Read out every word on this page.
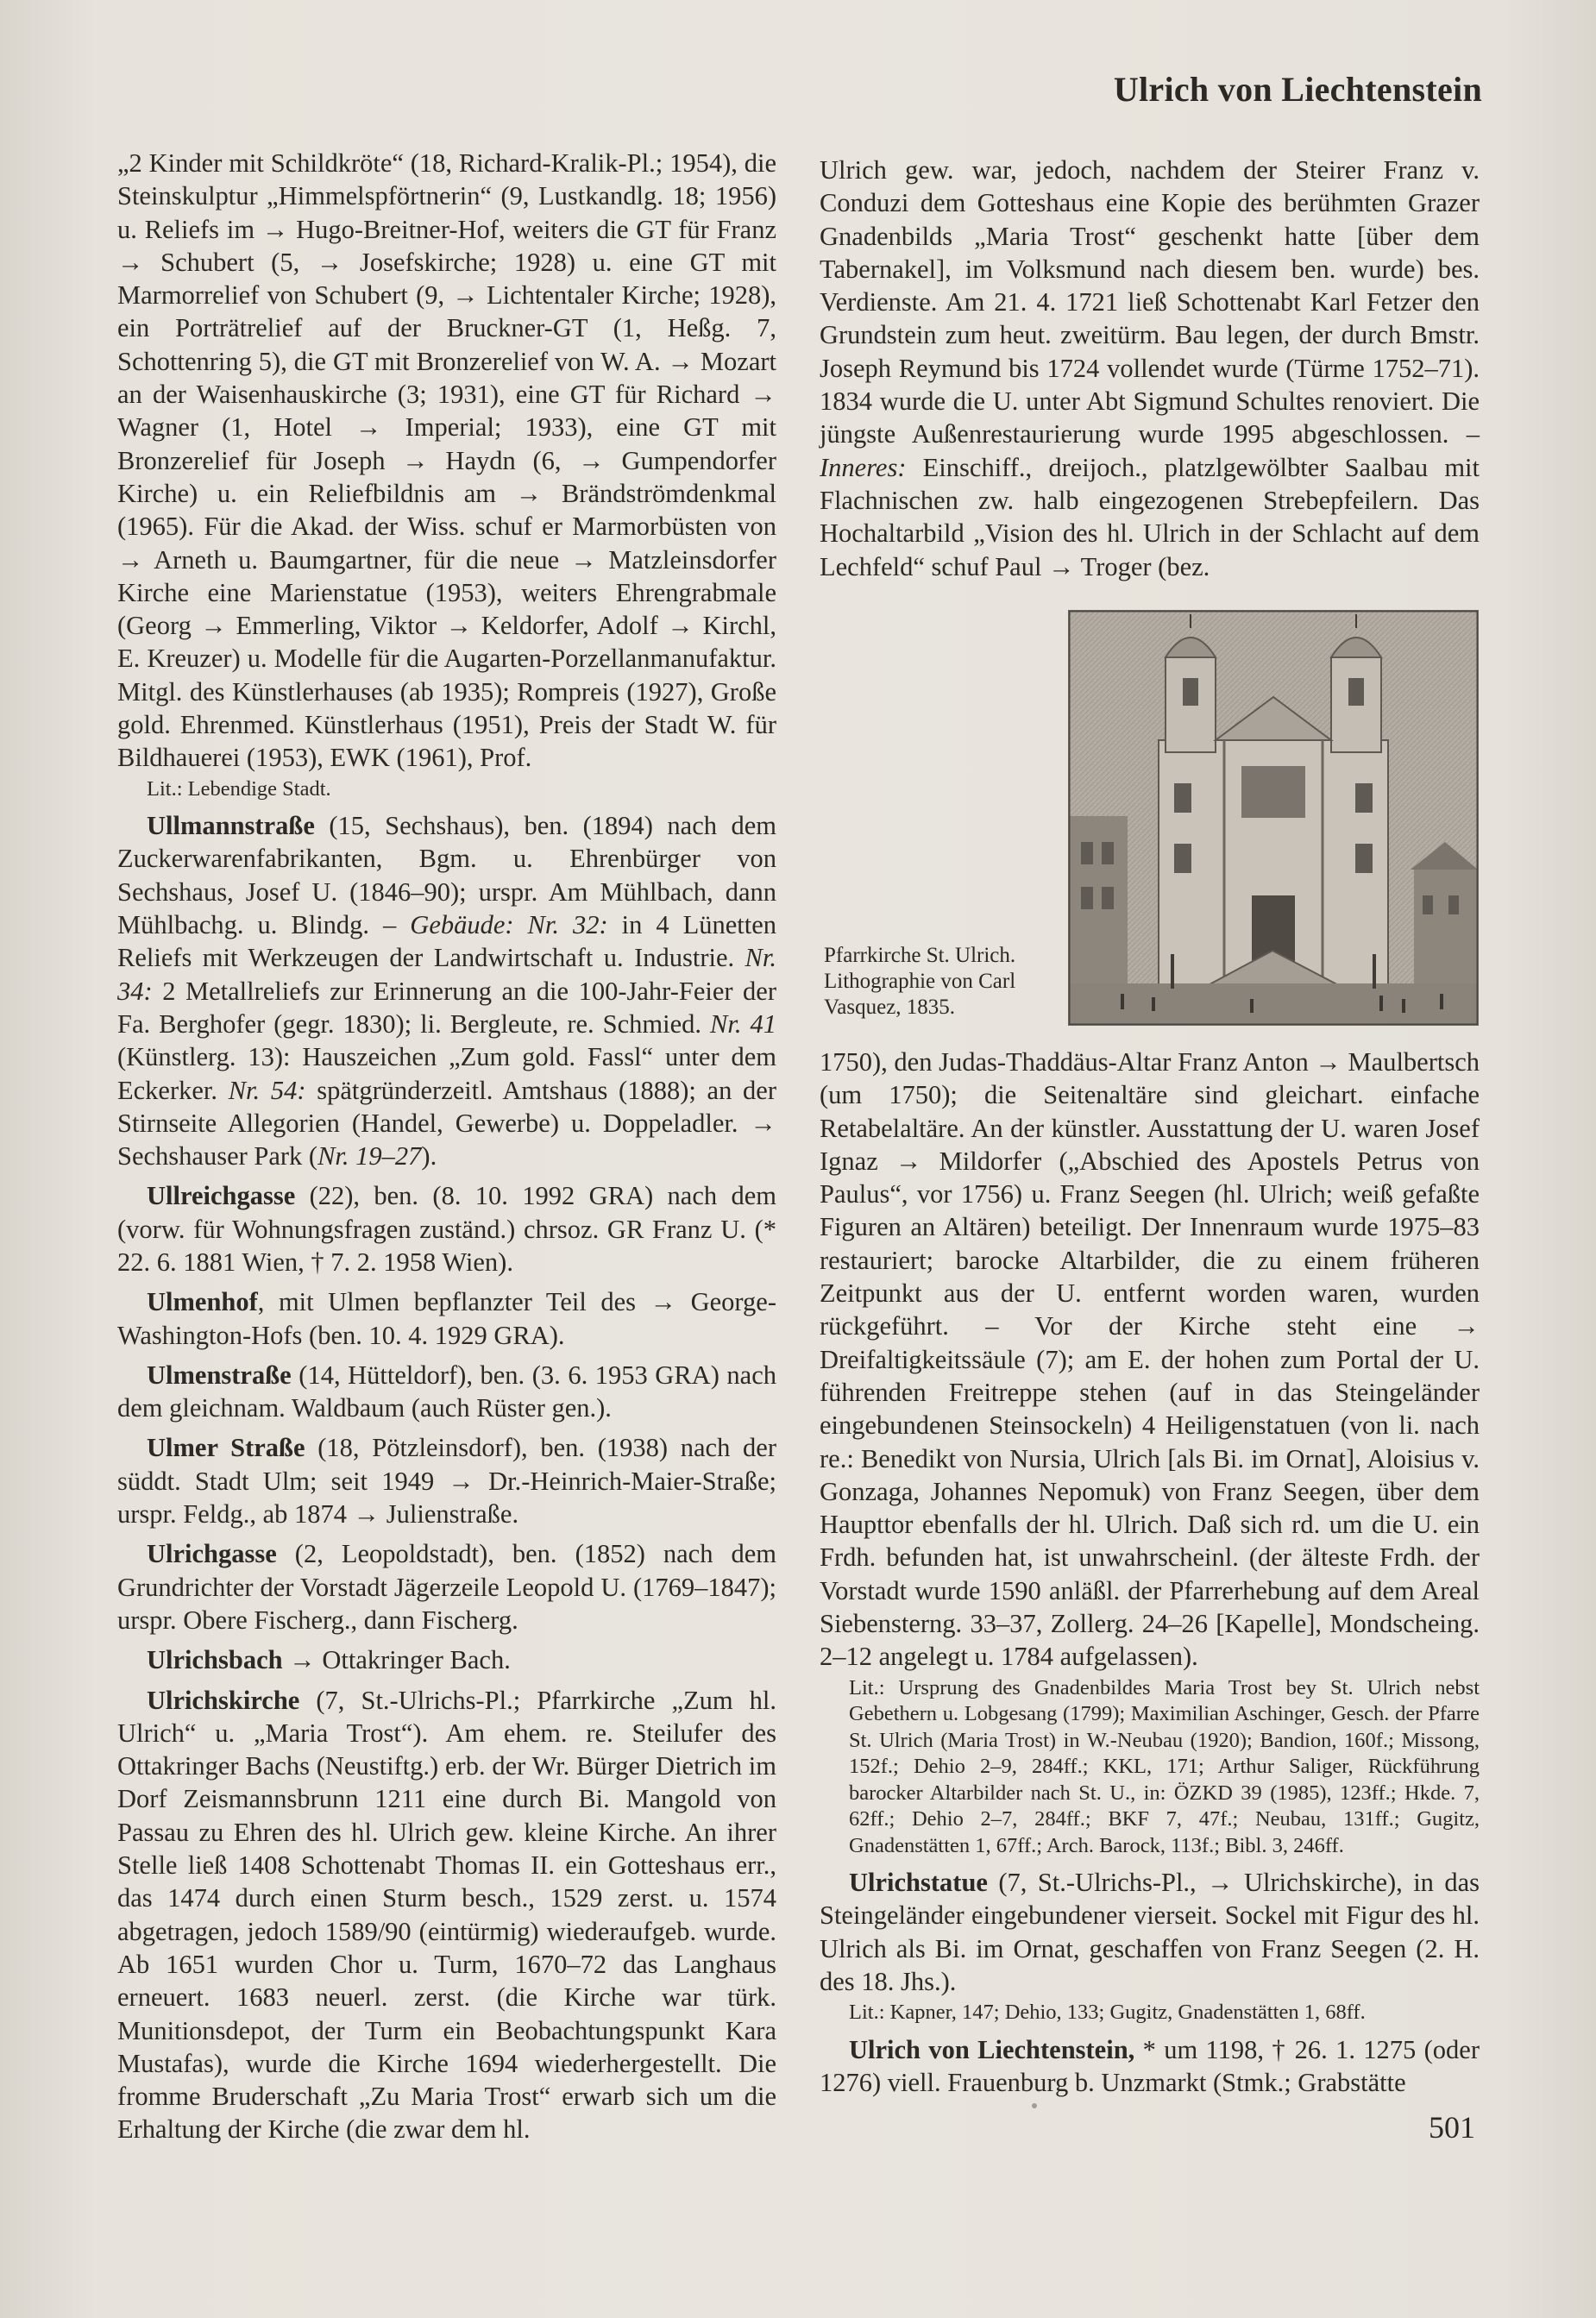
Ulrich von Liechtenstein

„2 Kinder mit Schildkröte“ (18, Richard-Kralik-Pl.; 1954), die Steinskulptur „Himmelspförtnerin“ (9, Lustkandlg. 18; 1956) u. Reliefs im → Hugo-Breitner-Hof, weiters die GT für Franz → Schubert (5, → Josefskirche; 1928) u. eine GT mit Marmorrelief von Schubert (9, → Lichtentaler Kirche; 1928), ein Porträtrelief auf der Bruckner-GT (1, Heßg. 7, Schottenring 5), die GT mit Bronzerelief von W. A. → Mozart an der Waisenhauskirche (3; 1931), eine GT für Richard → Wagner (1, Hotel → Imperial; 1933), eine GT mit Bronzerelief für Joseph → Haydn (6, → Gumpendorfer Kirche) u. ein Reliefbildnis am → Brändströmdenkmal (1965). Für die Akad. der Wiss. schuf er Marmorbüsten von → Arneth u. Baumgartner, für die neue → Matzleinsdorfer Kirche eine Marienstatue (1953), weiters Ehrengrabmale (Georg → Emmerling, Viktor → Keldorfer, Adolf → Kirchl, E. Kreuzer) u. Modelle für die Augarten-Porzellanmanufaktur. Mitgl. des Künstlerhauses (ab 1935); Rompreis (1927), Große gold. Ehrenmed. Künstlerhaus (1951), Preis der Stadt W. für Bildhauerei (1953), EWK (1961), Prof.

Lit.: Lebendige Stadt.

Ullmannstraße (15, Sechshaus), ben. (1894) nach dem Zuckerwarenfabrikanten, Bgm. u. Ehrenbürger von Sechshaus, Josef U. (1846–90); urspr. Am Mühlbach, dann Mühlbachg. u. Blindg. – Gebäude: Nr. 32: in 4 Lünetten Reliefs mit Werkzeugen der Landwirtschaft u. Industrie. Nr. 34: 2 Metallreliefs zur Erinnerung an die 100-Jahr-Feier der Fa. Berghofer (gegr. 1830); li. Bergleute, re. Schmied. Nr. 41 (Künstlerg. 13): Hauszeichen „Zum gold. Fassl“ unter dem Eckerker. Nr. 54: spätgründerzeitl. Amtshaus (1888); an der Stirnseite Allegorien (Handel, Gewerbe) u. Doppeladler. → Sechshauser Park (Nr. 19–27).

Ullreichgasse (22), ben. (8. 10. 1992 GRA) nach dem (vorw. für Wohnungsfragen zuständ.) chrsoz. GR Franz U. (* 22. 6. 1881 Wien, † 7. 2. 1958 Wien).

Ulmenhof, mit Ulmen bepflanzter Teil des → George-Washington-Hofs (ben. 10. 4. 1929 GRA).

Ulmenstraße (14, Hütteldorf), ben. (3. 6. 1953 GRA) nach dem gleichnam. Waldbaum (auch Rüster gen.).

Ulmer Straße (18, Pötzleinsdorf), ben. (1938) nach der süddt. Stadt Ulm; seit 1949 → Dr.-Heinrich-Maier-Straße; urspr. Feldg., ab 1874 → Julienstraße.

Ulrichgasse (2, Leopoldstadt), ben. (1852) nach dem Grundrichter der Vorstadt Jägerzeile Leopold U. (1769–1847); urspr. Obere Fischerg., dann Fischerg.

Ulrichsbach → Ottakringer Bach.

Ulrichskirche (7, St.-Ulrichs-Pl.; Pfarrkirche „Zum hl. Ulrich“ u. „Maria Trost“). Am ehem. re. Steilufer des Ottakringer Bachs (Neustiftg.) erb. der Wr. Bürger Dietrich im Dorf Zeismannsbrunn 1211 eine durch Bi. Mangold von Passau zu Ehren des hl. Ulrich gew. kleine Kirche. An ihrer Stelle ließ 1408 Schottenabt Thomas II. ein Gotteshaus err., das 1474 durch einen Sturm besch., 1529 zerst. u. 1574 abgetragen, jedoch 1589/90 (eintürmig) wiederaufgeb. wurde. Ab 1651 wurden Chor u. Turm, 1670–72 das Langhaus erneuert. 1683 neuerl. zerst. (die Kirche war türk. Munitionsdepot, der Turm ein Beobachtungspunkt Kara Mustafas), wurde die Kirche 1694 wiederhergestellt. Die fromme Bruderschaft „Zu Maria Trost“ erwarb sich um die Erhaltung der Kirche (die zwar dem hl.

Ulrich gew. war, jedoch, nachdem der Steirer Franz v. Conduzi dem Gotteshaus eine Kopie des berühmten Grazer Gnadenbilds „Maria Trost“ geschenkt hatte [über dem Tabernakel], im Volksmund nach diesem ben. wurde) bes. Verdienste. Am 21. 4. 1721 ließ Schottenabt Karl Fetzer den Grundstein zum heut. zweitürm. Bau legen, der durch Bmstr. Joseph Reymund bis 1724 vollendet wurde (Türme 1752–71). 1834 wurde die U. unter Abt Sigmund Schultes renoviert. Die jüngste Außenrestaurierung wurde 1995 abgeschlossen. – Inneres: Einschiff., dreijoch., platzlgewölbter Saalbau mit Flachnischen zw. halb eingezogenen Strebepfeilern. Das Hochaltarbild „Vision des hl. Ulrich in der Schlacht auf dem Lechfeld“ schuf Paul → Troger (bez.

Pfarrkirche St. Ulrich. Lithographie von Carl Vasquez, 1835.

1750), den Judas-Thaddäus-Altar Franz Anton → Maulbertsch (um 1750); die Seitenaltäre sind gleichart. einfache Retabelaltäre. An der künstler. Ausstattung der U. waren Josef Ignaz → Mildorfer („Abschied des Apostels Petrus von Paulus“, vor 1756) u. Franz Seegen (hl. Ulrich; weiß gefaßte Figuren an Altären) beteiligt. Der Innenraum wurde 1975–83 restauriert; barocke Altarbilder, die zu einem früheren Zeitpunkt aus der U. entfernt worden waren, wurden rückgeführt. – Vor der Kirche steht eine → Dreifaltigkeitssäule (7); am E. der hohen zum Portal der U. führenden Freitreppe stehen (auf in das Steingeländer eingebundenen Steinsockeln) 4 Heiligenstatuen (von li. nach re.: Benedikt von Nursia, Ulrich [als Bi. im Ornat], Aloisius v. Gonzaga, Johannes Nepomuk) von Franz Seegen, über dem Haupttor ebenfalls der hl. Ulrich. Daß sich rd. um die U. ein Frdh. befunden hat, ist unwahrscheinl. (der älteste Frdh. der Vorstadt wurde 1590 anläßl. der Pfarrerhebung auf dem Areal Siebensterng. 33–37, Zollerg. 24–26 [Kapelle], Mondscheing. 2–12 angelegt u. 1784 aufgelassen).

Lit.: Ursprung des Gnadenbildes Maria Trost bey St. Ulrich nebst Gebethern u. Lobgesang (1799); Maximilian Aschinger, Gesch. der Pfarre St. Ulrich (Maria Trost) in W.-Neubau (1920); Bandion, 160f.; Missong, 152f.; Dehio 2–9, 284ff.; KKL, 171; Arthur Saliger, Rückführung barocker Altarbilder nach St. U., in: ÖZKD 39 (1985), 123ff.; Hkde. 7, 62ff.; Dehio 2–7, 284ff.; BKF 7, 47f.; Neubau, 131ff.; Gugitz, Gnadenstätten 1, 67ff.; Arch. Barock, 113f.; Bibl. 3, 246ff.

Ulrichstatue (7, St.-Ulrichs-Pl., → Ulrichskirche), in das Steingeländer eingebundener vierseit. Sockel mit Figur des hl. Ulrich als Bi. im Ornat, geschaffen von Franz Seegen (2. H. des 18. Jhs.).

Lit.: Kapner, 147; Dehio, 133; Gugitz, Gnadenstätten 1, 68ff.

Ulrich von Liechtenstein, * um 1198, † 26. 1. 1275 (oder 1276) viell. Frauenburg b. Unzmarkt (Stmk.; Grabstätte

501
